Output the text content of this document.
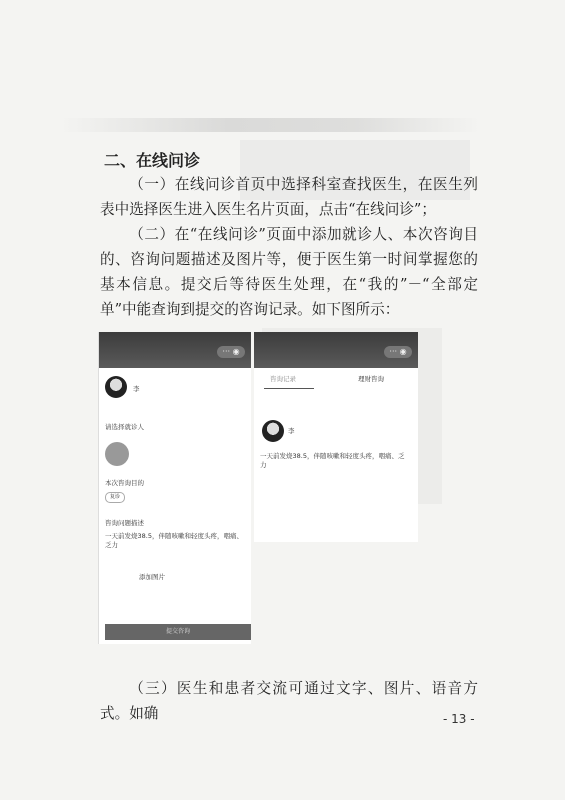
二、在线问诊

（一）在线问诊首页中选择科室查找医生，在医生列表中选择医生进入医生名片页面，点击“在线问诊”；

（二）在“在线问诊”页面中添加就诊人、本次咨询目的、咨询问题描述及图片等，便于医生第一时间掌握您的基本信息。提交后等待医生处理，在“我的”－“全部定单”中能查询到提交的咨询记录。如下图所示：

··· ◉
李
请选择就诊人
本次咨询目的
复诊
咨询问题描述
一天前发烧38.5，伴随咳嗽和轻度头疼，咽痛、乏力
添加图片
提交咨询
··· ◉
咨询记录	理财咨询
李
一天前发烧38.5，伴随咳嗽和轻度头疼，咽痛、乏力

（三）医生和患者交流可通过文字、图片、语音方式。如确	- 13 -
